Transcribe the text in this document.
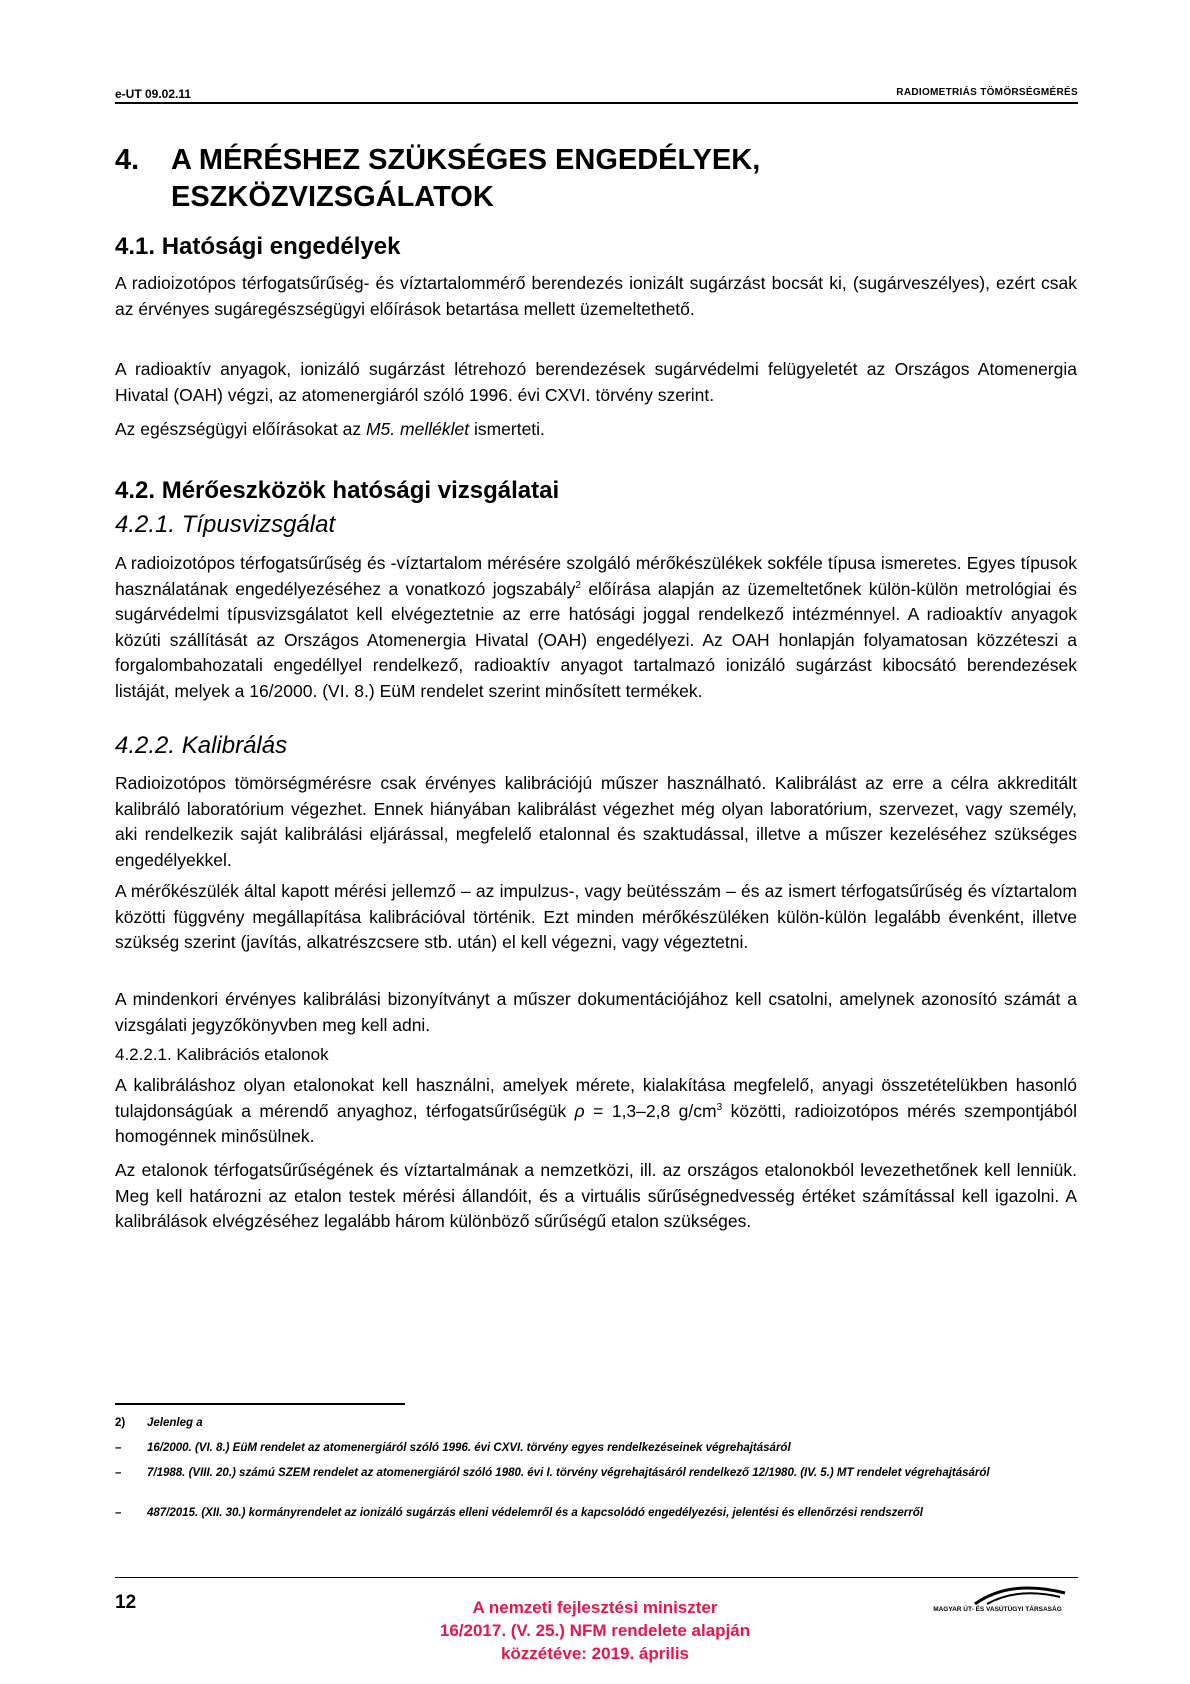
e-UT 09.02.11	RADIOMETRIÁS TÖMÖRSÉGMÉRÉS
4. A MÉRÉSHEZ SZÜKSÉGES ENGEDÉLYEK, ESZKÖZVIZSGÁLATOK
4.1. Hatósági engedélyek

A radioizotópos térfogatsűrűség- és víztartalommérő berendezés ionizált sugárzást bocsát ki, (sugárveszélyes), ezért csak az érvényes sugáregészségügyi előírások betartása mellett üzemeltethető.

A radioaktív anyagok, ionizáló sugárzást létrehozó berendezések sugárvédelmi felügyeletét az Országos Atomenergia Hivatal (OAH) végzi, az atomenergiáról szóló 1996. évi CXVI. törvény szerint.

Az egészségügyi előírásokat az M5. melléklet ismerteti.

4.2. Mérőeszközök hatósági vizsgálatai
4.2.1. Típusvizsgálat

A radioizotópos térfogatsűrűség és -víztartalom mérésére szolgáló mérőkészülékek sokféle típusa ismeretes. Egyes típusok használatának engedélyezéséhez a vonatkozó jogszabály$^2$ előírása alapján az üzemeltetőnek külön-külön metrológiai és sugárvédelmi típusvizsgálatot kell elvégeztetnie az erre hatósági joggal rendelkező intézménnyel. A radioaktív anyagok közúti szállítását az Országos Atomenergia Hivatal (OAH) engedélyezi. Az OAH honlapján folyamatosan közzéteszi a forgalombahozatali engedéllyel rendelkező, radioaktív anyagot tartalmazó ionizáló sugárzást kibocsátó berendezések listáját, melyek a 16/2000. (VI. 8.) EüM rendelet szerint minősített termékek.

4.2.2. Kalibrálás

Radioizotópos tömörségmérésre csak érvényes kalibrációjú műszer használható. Kalibrálást az erre a célra akkreditált kalibráló laboratórium végezhet. Ennek hiányában kalibrálást végezhet még olyan laboratórium, szervezet, vagy személy, aki rendelkezik saját kalibrálási eljárással, megfelelő etalonnal és szaktudással, illetve a műszer kezeléséhez szükséges engedélyekkel.

A mérőkészülék által kapott mérési jellemző – az impulzus-, vagy beütésszám – és az ismert térfogatsűrűség és víztartalom közötti függvény megállapítása kalibrációval történik. Ezt minden mérőkészüléken külön-külön legalább évenként, illetve szükség szerint (javítás, alkatrészcsere stb. után) el kell végezni, vagy végeztetni.

A mindenkori érvényes kalibrálási bizonyítványt a műszer dokumentációjához kell csatolni, amelynek azonosító számát a vizsgálati jegyzőkönyvben meg kell adni.

4.2.2.1. Kalibrációs etalonok

A kalibráláshoz olyan etalonokat kell használni, amelyek mérete, kialakítása megfelelő, anyagi összetételükben hasonló tulajdonságúak a mérendő anyaghoz, térfogatsűrűségük ρ = 1,3–2,8 $g/cm^3$ közötti, radioizotópos mérés szempontjából homogénnek minősülnek.

Az etalonok térfogatsűrűségének és víztartalmának a nemzetközi, ill. az országos etalonokból levezethetőnek kell lenniük. Meg kell határozni az etalon testek mérési állandóit, és a virtuális sűrűségnedvesség értéket számítással kell igazolni. A kalibrálások elvégzéséhez legalább három különböző sűrűségű etalon szükséges.

2) Jelenleg a
– 16/2000. (VI. 8.) EüM rendelet az atomenergiáról szóló 1996. évi CXVI. törvény egyes rendelkezéseinek végrehajtásáról
– 7/1988. (VIII. 20.) számú SZEM rendelet az atomenergiáról szóló 1980. évi I. törvény végrehajtásáról rendelkező 12/1980. (IV. 5.) MT rendelet végrehajtásáról
– 487/2015. (XII. 30.) kormányrendelet az ionizáló sugárzás elleni védelemről és a kapcsolódó engedélyezési, jelentési és ellenőrzési rendszerről
12	A nemzeti fejlesztési miniszter
16/2017. (V. 25.) NFM rendelete alapján
közzétéve: 2019. április
MAGYAR ÚT- ÉS VASÚTÜGYI TÁRSASÁG
